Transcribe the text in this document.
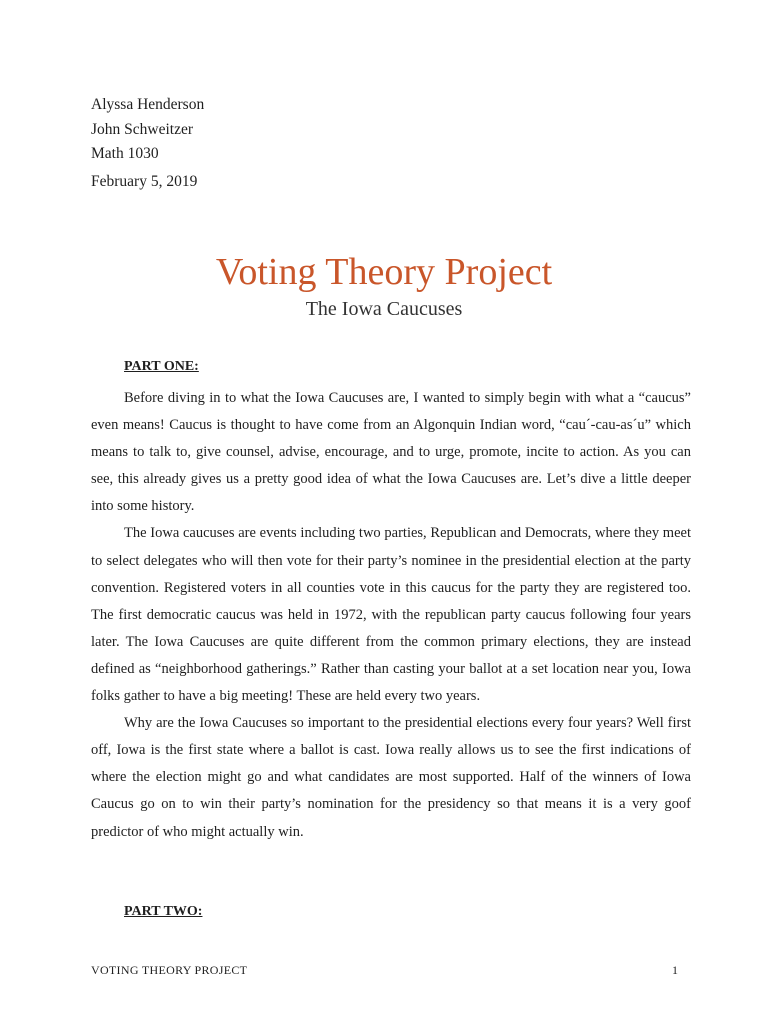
Alyssa Henderson
John Schweitzer
Math 1030
February 5, 2019
Voting Theory Project
The Iowa Caucuses
PART ONE:

Before diving in to what the Iowa Caucuses are, I wanted to simply begin with what a “caucus” even means! Caucus is thought to have come from an Algonquin Indian word, “cau´-cau-as´u” which means to talk to, give counsel, advise, encourage, and to urge, promote, incite to action. As you can see, this already gives us a pretty good idea of what the Iowa Caucuses are. Let’s dive a little deeper into some history.

The Iowa caucuses are events including two parties, Republican and Democrats, where they meet to select delegates who will then vote for their party’s nominee in the presidential election at the party convention. Registered voters in all counties vote in this caucus for the party they are registered too. The first democratic caucus was held in 1972, with the republican party caucus following four years later. The Iowa Caucuses are quite different from the common primary elections, they are instead defined as “neighborhood gatherings.” Rather than casting your ballot at a set location near you, Iowa folks gather to have a big meeting! These are held every two years.

Why are the Iowa Caucuses so important to the presidential elections every four years? Well first off, Iowa is the first state where a ballot is cast. Iowa really allows us to see the first indications of where the election might go and what candidates are most supported. Half of the winners of Iowa Caucus go on to win their party’s nomination for the presidency so that means it is a very goof predictor of who might actually win.

PART TWO:
VOTING THEORY PROJECT	1
